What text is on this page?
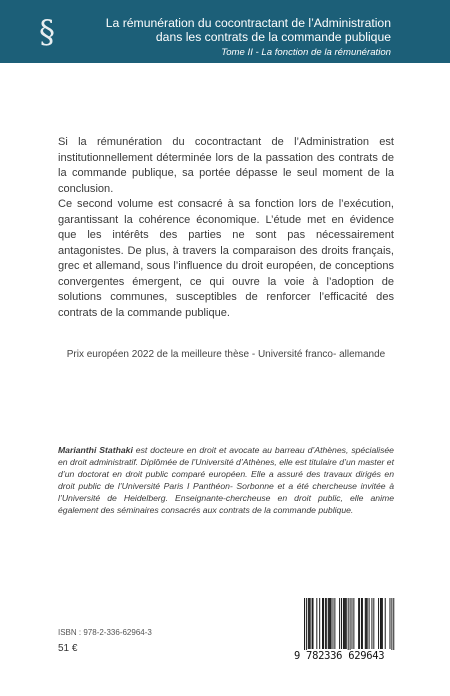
§	La rémunération du cocontractant de l’Administration
dans les contrats de la commande publique
Tome II - La fonction de la rémunération

Si la rémunération du cocontractant de l’Administration est institutionnellement déterminée lors de la passation des contrats de la commande publique, sa portée dépasse le seul moment de la conclusion.

Ce second volume est consacré à sa fonction lors de l’exécution, garantissant la cohérence économique. L’étude met en évidence que les intérêts des parties ne sont pas nécessairement antagonistes. De plus, à travers la comparaison des droits français, grec et allemand, sous l’influence du droit européen, de conceptions convergentes émergent, ce qui ouvre la voie à l’adoption de solutions communes, susceptibles de renforcer l’efficacité des contrats de la commande publique.

Prix européen 2022 de la meilleure thèse - Université franco- allemande
Marianthi Stathaki est docteure en droit et avocate au barreau d’Athènes, spécialisée en droit administratif. Diplômée de l’Université d’Athènes, elle est titulaire d’un master et d’un doctorat en droit public comparé européen. Elle a assuré des travaux dirigés en droit public de l’Université Paris I Panthéon- Sorbonne et a été chercheuse invitée à l’Université de Heidelberg. Enseignante-chercheuse en droit public, elle anime également des séminaires consacrés aux contrats de la commande publique.
ISBN : 978-2-336-62964-3
51 €
9 782336 629643
